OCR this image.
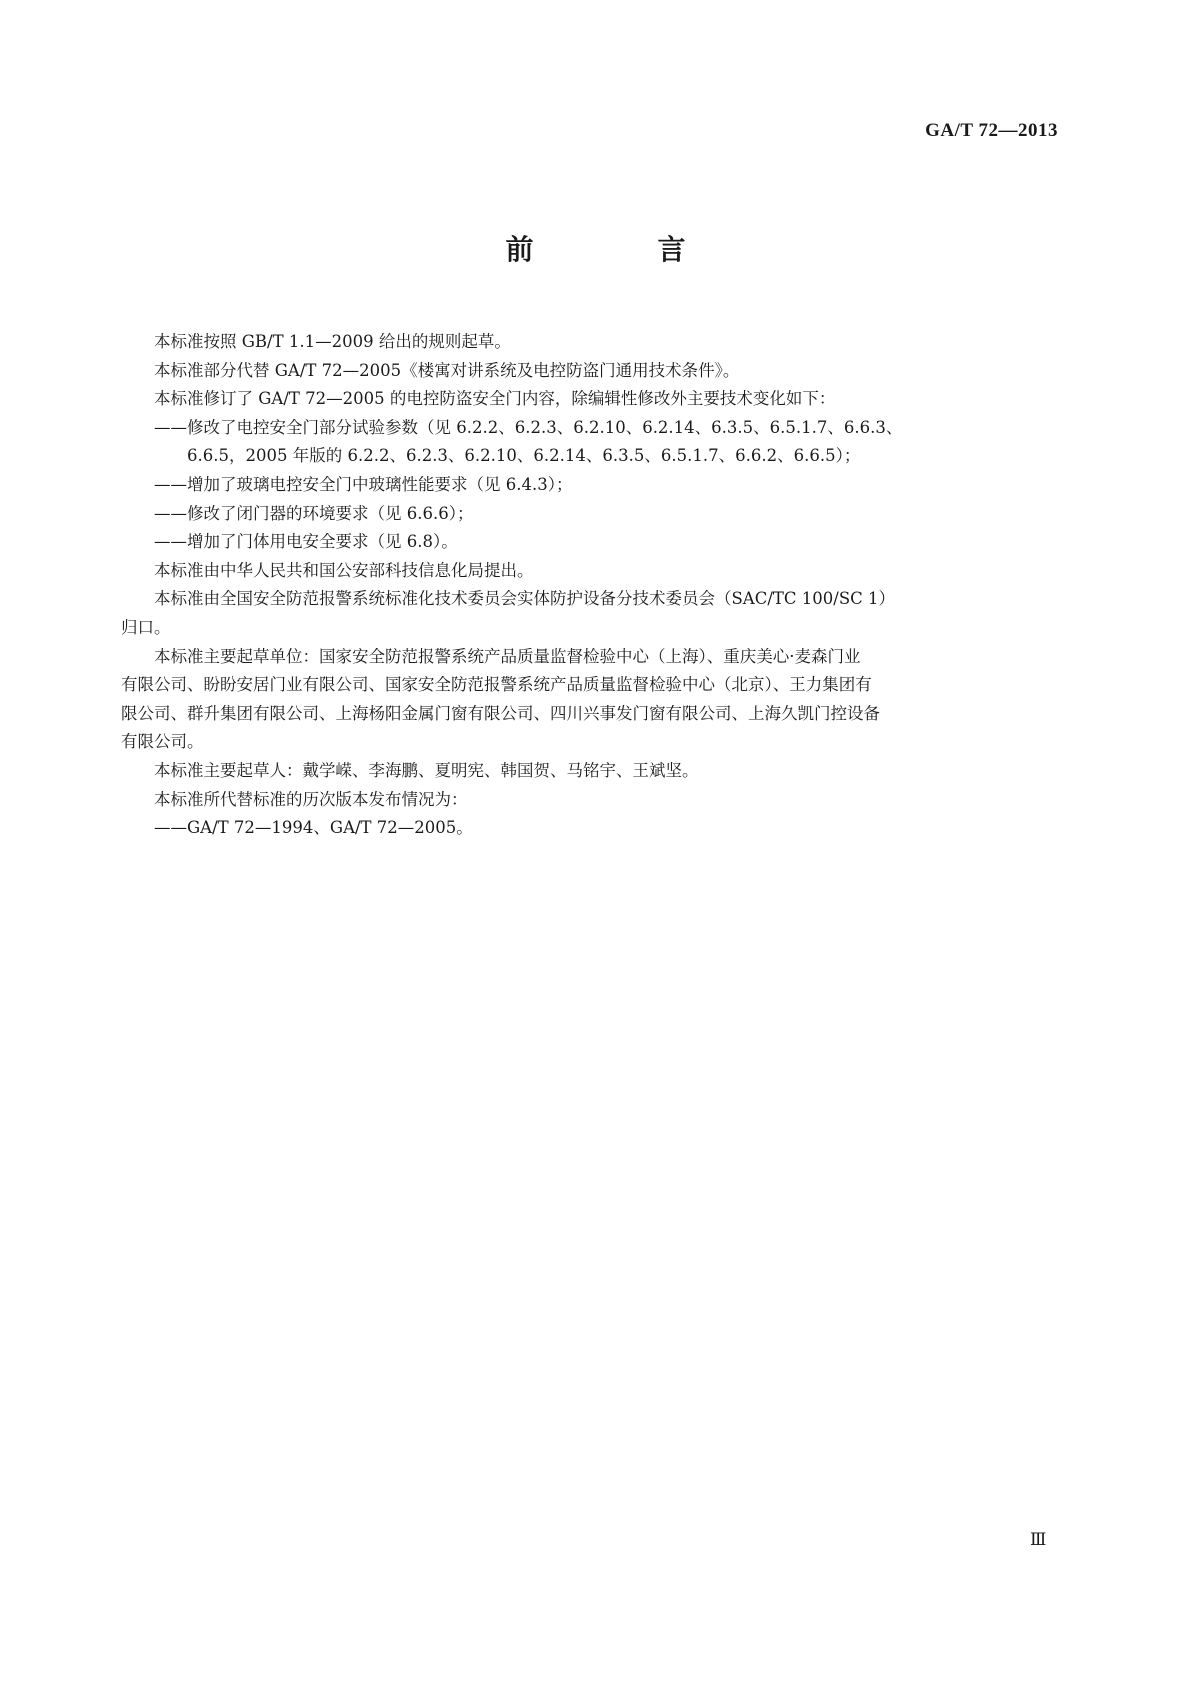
GA/T 72—2013
前　言

本标准按照 GB/T 1.1—2009 给出的规则起草。

本标准部分代替 GA/T 72—2005《楼寓对讲系统及电控防盗门通用技术条件》。

本标准修订了 GA/T 72—2005 的电控防盗安全门内容，除编辑性修改外主要技术变化如下：

——修改了电控安全门部分试验参数（见 6.2.2、6.2.3、6.2.10、6.2.14、6.3.5、6.5.1.7、6.6.3、

6.6.5，2005 年版的 6.2.2、6.2.3、6.2.10、6.2.14、6.3.5、6.5.1.7、6.6.2、6.6.5）；

——增加了玻璃电控安全门中玻璃性能要求（见 6.4.3）；

——修改了闭门器的环境要求（见 6.6.6）；

——增加了门体用电安全要求（见 6.8）。

本标准由中华人民共和国公安部科技信息化局提出。

本标准由全国安全防范报警系统标准化技术委员会实体防护设备分技术委员会（SAC/TC 100/SC 1）

归口。

本标准主要起草单位：国家安全防范报警系统产品质量监督检验中心（上海）、重庆美心·麦森门业

有限公司、盼盼安居门业有限公司、国家安全防范报警系统产品质量监督检验中心（北京）、王力集团有

限公司、群升集团有限公司、上海杨阳金属门窗有限公司、四川兴事发门窗有限公司、上海久凯门控设备

有限公司。

本标准主要起草人：戴学嵘、李海鹏、夏明宪、韩国贺、马铭宇、王斌坚。

本标准所代替标准的历次版本发布情况为：

——GA/T 72—1994、GA/T 72—2005。

Ⅲ
